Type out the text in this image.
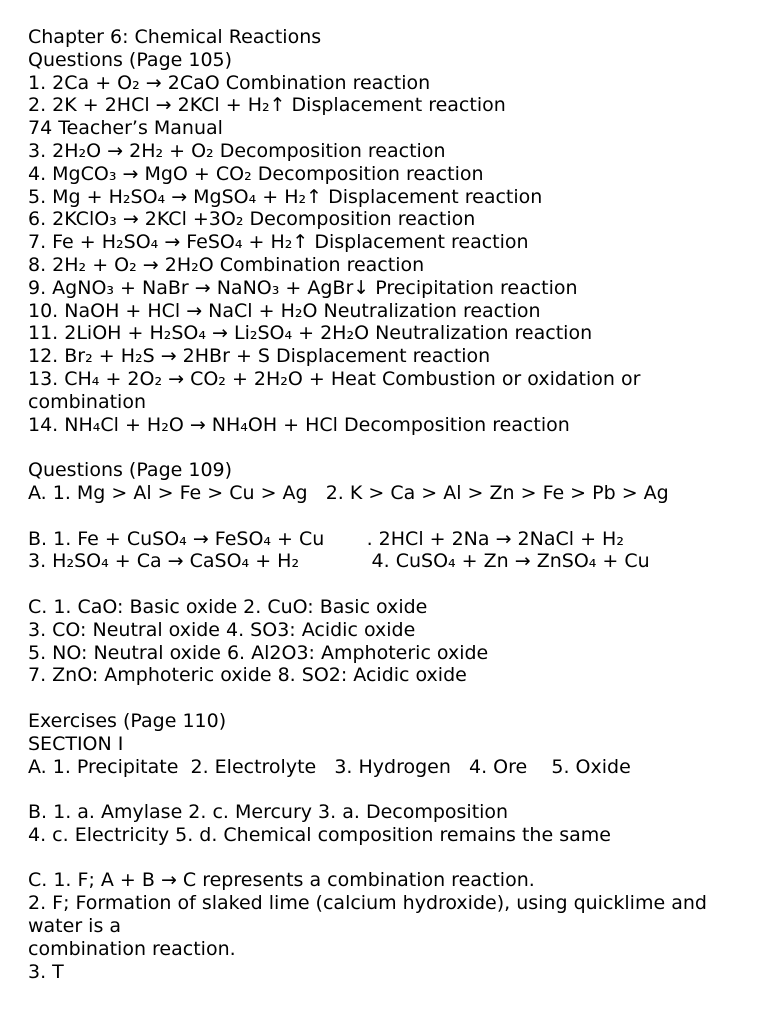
Chapter 6: Chemical Reactions
Questions (Page 105)
1. 2Ca + O₂ → 2CaO Combination reaction
2. 2K + 2HCl → 2KCl + H₂↑ Displacement reaction
74 Teacher’s Manual
3. 2H₂O → 2H₂ + O₂ Decomposition reaction
4. MgCO₃ → MgO + CO₂ Decomposition reaction
5. Mg + H₂SO₄ → MgSO₄ + H₂↑ Displacement reaction
6. 2KClO₃ → 2KCl +3O₂ Decomposition reaction
7. Fe + H₂SO₄ → FeSO₄ + H₂↑ Displacement reaction
8. 2H₂ + O₂ → 2H₂O Combination reaction
9. AgNO₃ + NaBr → NaNO₃ + AgBr↓ Precipitation reaction
10. NaOH + HCl → NaCl + H₂O Neutralization reaction
11. 2LiOH + H₂SO₄ → Li₂SO₄ + 2H₂O Neutralization reaction
12. Br₂ + H₂S → 2HBr + S Displacement reaction
13. CH₄ + 2O₂ → CO₂ + 2H₂O + Heat Combustion or oxidation or combination
14. NH₄Cl + H₂O → NH₄OH + HCl Decomposition reaction
Questions (Page 109)
A. 1. Mg > Al > Fe > Cu > Ag   2. K > Ca > Al > Zn > Fe > Pb > Ag
B. 1. Fe + CuSO₄ → FeSO₄ + Cu       . 2HCl + 2Na → 2NaCl + H₂
3. H₂SO₄ + Ca → CaSO₄ + H₂            4. CuSO₄ + Zn → ZnSO₄ + Cu
C. 1. CaO: Basic oxide 2. CuO: Basic oxide
3. CO: Neutral oxide 4. SO3: Acidic oxide
5. NO: Neutral oxide 6. Al2O3: Amphoteric oxide
7. ZnO: Amphoteric oxide 8. SO2: Acidic oxide
Exercises (Page 110)
SECTION I
A. 1. Precipitate  2. Electrolyte   3. Hydrogen   4. Ore    5. Oxide
B. 1. a. Amylase 2. c. Mercury 3. a. Decomposition
4. c. Electricity 5. d. Chemical composition remains the same
C. 1. F; A + B → C represents a combination reaction.
2. F; Formation of slaked lime (calcium hydroxide), using quicklime and water is a
combination reaction.
3. T
